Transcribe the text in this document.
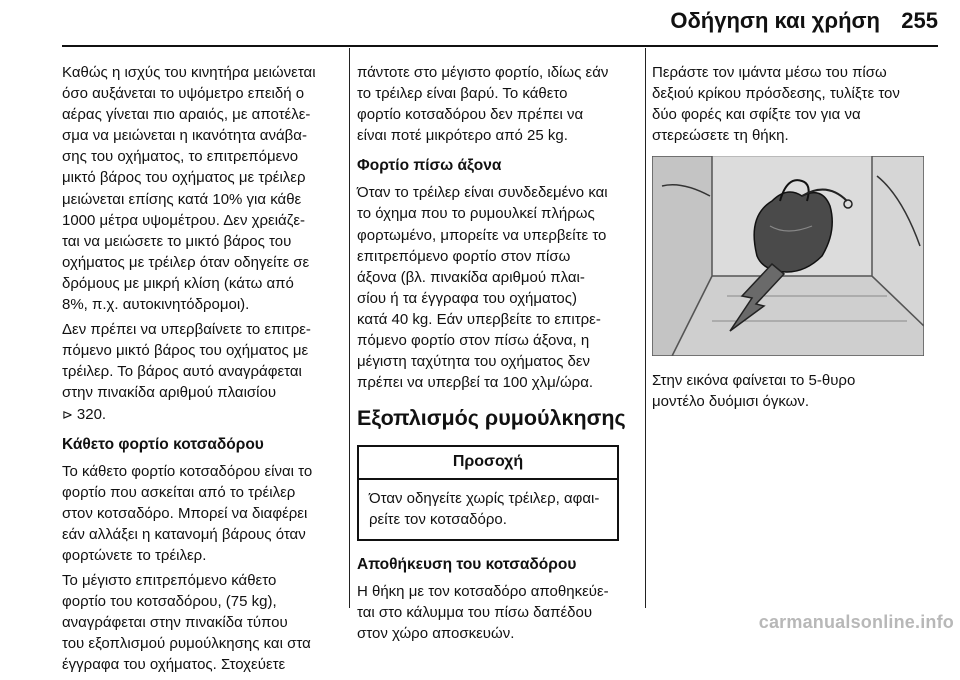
Οδήγηση και χρήση 255
Καθώς η ισχύς του κινητήρα μειώνεται
όσο αυξάνεται το υψόμετρο επειδή ο
αέρας γίνεται πιο αραιός, με αποτέλε‐
σμα να μειώνεται η ικανότητα ανάβα‐
σης του οχήματος, το επιτρεπόμενο
μικτό βάρος του οχήματος με τρέιλερ
μειώνεται επίσης κατά 10% για κάθε
1000 μέτρα υψομέτρου. Δεν χρειάζε‐
ται να μειώσετε το μικτό βάρος του
οχήματος με τρέιλερ όταν οδηγείτε σε
δρόμους με μικρή κλίση (κάτω από
8%, π.χ. αυτοκινητόδρομοι).
Δεν πρέπει να υπερβαίνετε το επιτρε‐
πόμενο μικτό βάρος του οχήματος με
τρέιλερ. Το βάρος αυτό αναγράφεται
στην πινακίδα αριθμού πλαισίου
⊳ 320.
Κάθετο φορτίο κοτσαδόρου
Το κάθετο φορτίο κοτσαδόρου είναι το
φορτίο που ασκείται από το τρέιλερ
στον κοτσαδόρο. Μπορεί να διαφέρει
εάν αλλάξει η κατανομή βάρους όταν
φορτώνετε το τρέιλερ.
Το μέγιστο επιτρεπόμενο κάθετο
φορτίο του κοτσαδόρου, (75 kg),
αναγράφεται στην πινακίδα τύπου
του εξοπλισμού ρυμούλκησης και στα
έγγραφα του οχήματος. Στοχεύετε
πάντοτε στο μέγιστο φορτίο, ιδίως εάν
το τρέιλερ είναι βαρύ. Το κάθετο
φορτίο κοτσαδόρου δεν πρέπει να
είναι ποτέ μικρότερο από 25 kg.
Φορτίο πίσω άξονα
Όταν το τρέιλερ είναι συνδεδεμένο και
το όχημα που το ρυμουλκεί πλήρως
φορτωμένο, μπορείτε να υπερβείτε το
επιτρεπόμενο φορτίο στον πίσω
άξονα (βλ. πινακίδα αριθμού πλαι‐
σίου ή τα έγγραφα του οχήματος)
κατά 40 kg. Εάν υπερβείτε το επιτρε‐
πόμενο φορτίο στον πίσω άξονα, η
μέγιστη ταχύτητα του οχήματος δεν
πρέπει να υπερβεί τα 100 χλμ/ώρα.
Εξοπλισμός ρυμούλκησης
Προσοχή
Όταν οδηγείτε χωρίς τρέιλερ, αφαι‐
ρείτε τον κοτσαδόρο.
Αποθήκευση του κοτσαδόρου
Η θήκη με τον κοτσαδόρο αποθηκεύε‐
ται στο κάλυμμα του πίσω δαπέδου
στον χώρο αποσκευών.
Περάστε τον ιμάντα μέσω του πίσω
δεξιού κρίκου πρόσδεσης, τυλίξτε τον
δύο φορές και σφίξτε τον για να
στερεώσετε τη θήκη.
Στην εικόνα φαίνεται το 5-θυρο
μοντέλο δυόμισι όγκων.
carmanualsonline.info
